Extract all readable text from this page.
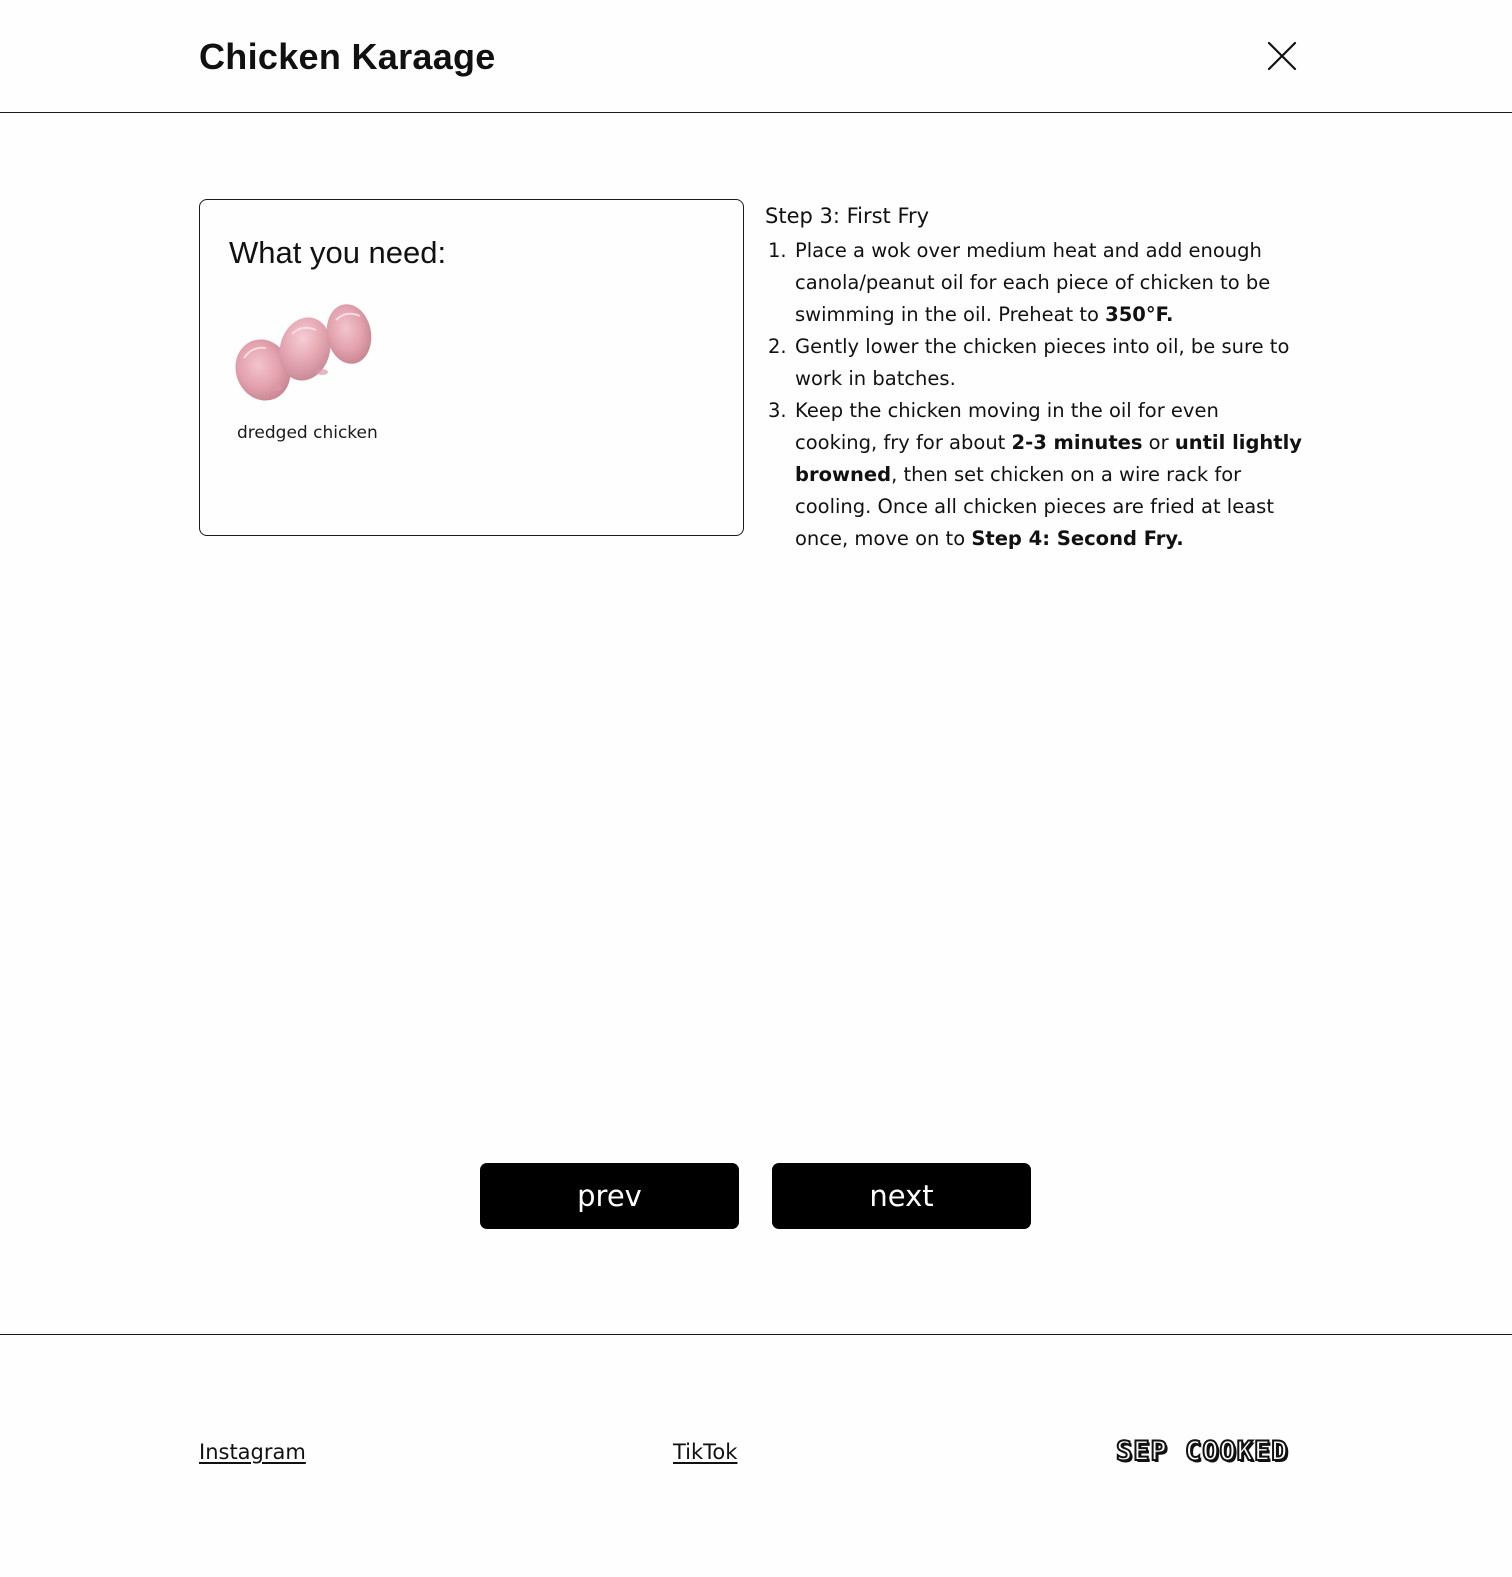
Chicken Karaage
What you need:
dredged chicken
Step 3: First Fry
1. Place a wok over medium heat and add enough canola/peanut oil for each piece of chicken to be swimming in the oil. Preheat to 350°F.
2. Gently lower the chicken pieces into oil, be sure to work in batches.
3. Keep the chicken moving in the oil for even cooking, fry for about 2-3 minutes or until lightly browned, then set chicken on a wire rack for cooling. Once all chicken pieces are fried at least once, move on to Step 4: Second Fry.
prev	next
Instagram	TikTok	SEP COOKED
